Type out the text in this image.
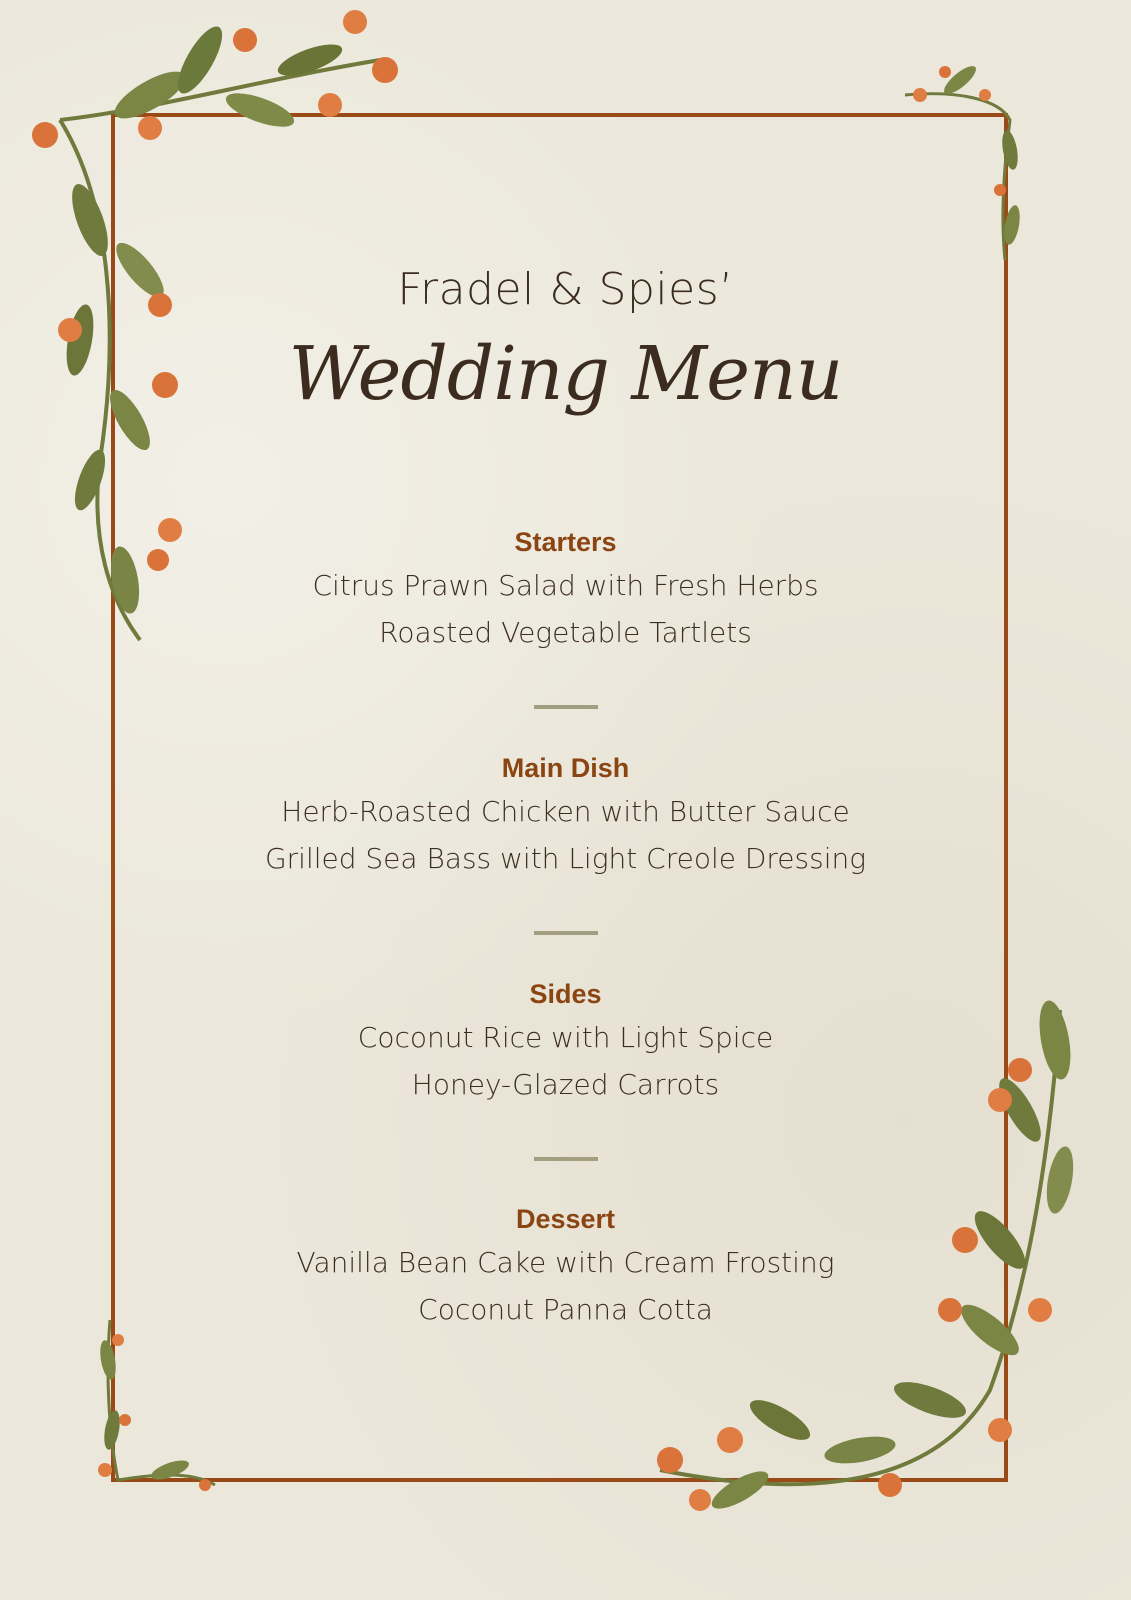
Fradel & Spies’
Wedding Menu
Starters
Citrus Prawn Salad with Fresh Herbs
Roasted Vegetable Tartlets
Main Dish
Herb-Roasted Chicken with Butter Sauce
Grilled Sea Bass with Light Creole Dressing
Sides
Coconut Rice with Light Spice
Honey-Glazed Carrots
Dessert
Vanilla Bean Cake with Cream Frosting
Coconut Panna Cotta
